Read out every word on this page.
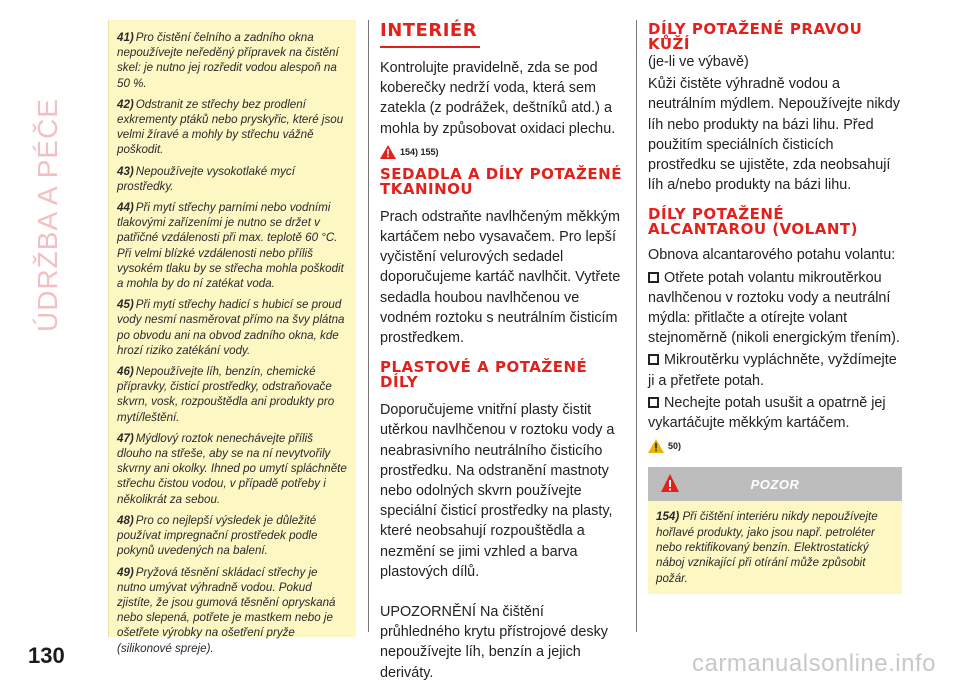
ÚDRŽBA A PÉČE

41) Pro čistění čelního a zadního okna nepoužívejte neředěný přípravek na čistění skel: je nutno jej rozředit vodou alespoň na 50 %.

42) Odstranit ze střechy bez prodlení exkrementy ptáků nebo pryskyřic, které jsou velmi žíravé a mohly by střechu vážně poškodit.

43) Nepoužívejte vysokotlaké mycí prostředky.

44) Při mytí střechy parními nebo vodními tlakovými zařízeními je nutno se držet v patřičné vzdálenosti při max. teplotě 60 °C. Při velmi blízké vzdálenosti nebo příliš vysokém tlaku by se střecha mohla poškodit a mohla by do ní zatékat voda.

45) Při mytí střechy hadicí s hubicí se proud vody nesmí nasměrovat přímo na švy plátna po obvodu ani na obvod zadního okna, kde hrozí riziko zatékání vody.

46) Nepoužívejte líh, benzín, chemické přípravky, čisticí prostředky, odstraňovače skvrn, vosk, rozpouštědla ani produkty pro mytí/leštění.

47) Mýdlový roztok nenechávejte příliš dlouho na střeše, aby se na ní nevytvořily skvrny ani okolky. Ihned po umytí spláchněte střechu čistou vodou, v případě potřeby i několikrát za sebou.

48) Pro co nejlepší výsledek je důležité používat impregnační prostředek podle pokynů uvedených na balení.

49) Pryžová těsnění skládací střechy je nutno umývat výhradně vodou. Pokud zjistíte, že jsou gumová těsnění opryskaná nebo slepená, potřete je mastkem nebo je ošetřete výrobky na ošetření pryže (silikonové spreje).

INTERIÉR

Kontrolujte pravidelně, zda se pod koberečky nedrží voda, která sem zatekla (z podrážek, deštníků atd.) a mohla by způsobovat oxidaci plechu.

154) 155)
SEDADLA A DÍLY POTAŽENÉ TKANINOU

Prach odstraňte navlhčeným měkkým kartáčem nebo vysavačem. Pro lepší vyčistění velurových sedadel doporučujeme kartáč navlhčit. Vytřete sedadla houbou navlhčenou ve vodném roztoku s neutrálním čisticím prostředkem.

PLASTOVÉ A POTAŽENÉ DÍLY

Doporučujeme vnitřní plasty čistit utěrkou navlhčenou v roztoku vody a neabrasivního neutrálního čisticího prostředku. Na odstranění mastnoty nebo odolných skvrn používejte speciální čisticí prostředky na plasty, které neobsahují rozpouštědla a nezmění se jimi vzhled a barva plastových dílů.

UPOZORNĚNÍ Na čištění průhledného krytu přístrojové desky nepoužívejte líh, benzín a jejich deriváty.

DÍLY POTAŽENÉ PRAVOU KŮŽÍ

(je-li ve výbavě)

Kůži čistěte výhradně vodou a neutrálním mýdlem. Nepoužívejte nikdy líh nebo produkty na bázi lihu. Před použitím speciálních čisticích prostředku se ujistěte, zda neobsahují líh a/nebo produkty na bázi lihu.

DÍLY POTAŽENÉ ALCANTAROU (VOLANT)

Obnova alcantarového potahu volantu:

Otřete potah volantu mikroutěrkou navlhčenou v roztoku vody a neutrální mýdla: přitlačte a otírejte volant stejnoměrně (nikoli energickým třením).

Mikroutěrku vypláchněte, vyždímejte ji a přetřete potah.

Nechejte potah usušit a opatrně jej vykartáčujte měkkým kartáčem.

50)
POZOR
154) Při čištění interiéru nikdy nepoužívejte hořlavé produkty, jako jsou např. petroléter nebo rektifikovaný benzín. Elektrostatický náboj vznikající při otírání může způsobit požár.
130	carmanualsonline.info
